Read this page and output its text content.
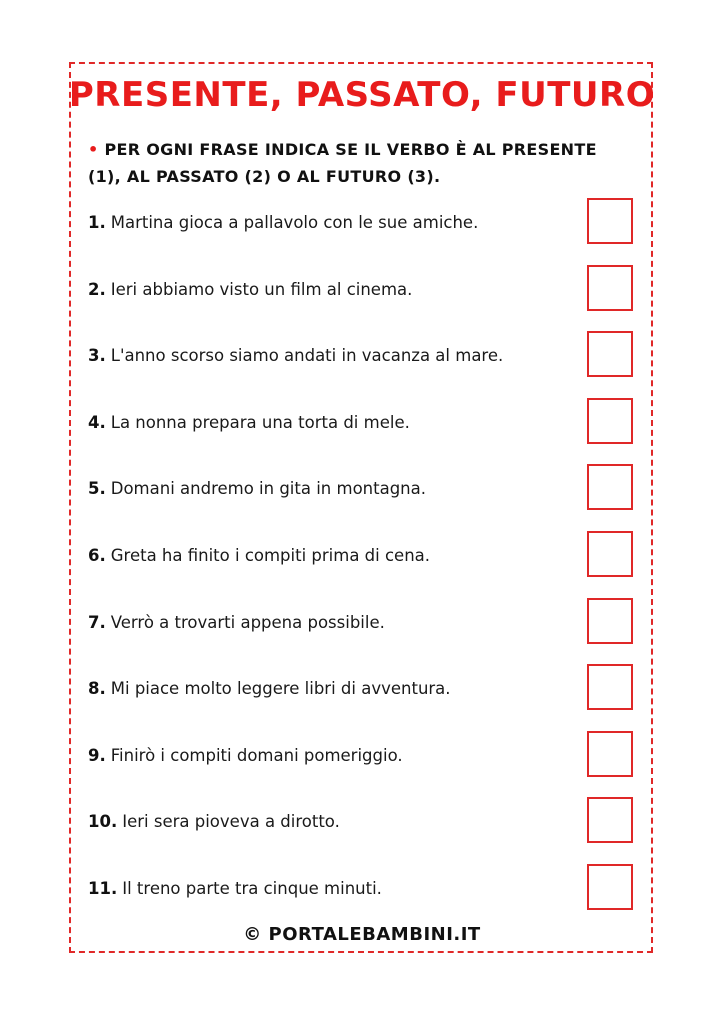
PRESENTE, PASSATO, FUTURO
• PER OGNI FRASE INDICA SE IL VERBO È AL PRESENTE (1), AL PASSATO (2) O AL FUTURO (3).
1. Martina gioca a pallavolo con le sue amiche.
2. Ieri abbiamo visto un film al cinema.
3. L'anno scorso siamo andati in vacanza al mare.
4. La nonna prepara una torta di mele.
5. Domani andremo in gita in montagna.
6. Greta ha finito i compiti prima di cena.
7. Verrò a trovarti appena possibile.
8. Mi piace molto leggere libri di avventura.
9. Finirò i compiti domani pomeriggio.
10. Ieri sera pioveva a dirotto.
11. Il treno parte tra cinque minuti.
© PORTALEBAMBINI.IT
